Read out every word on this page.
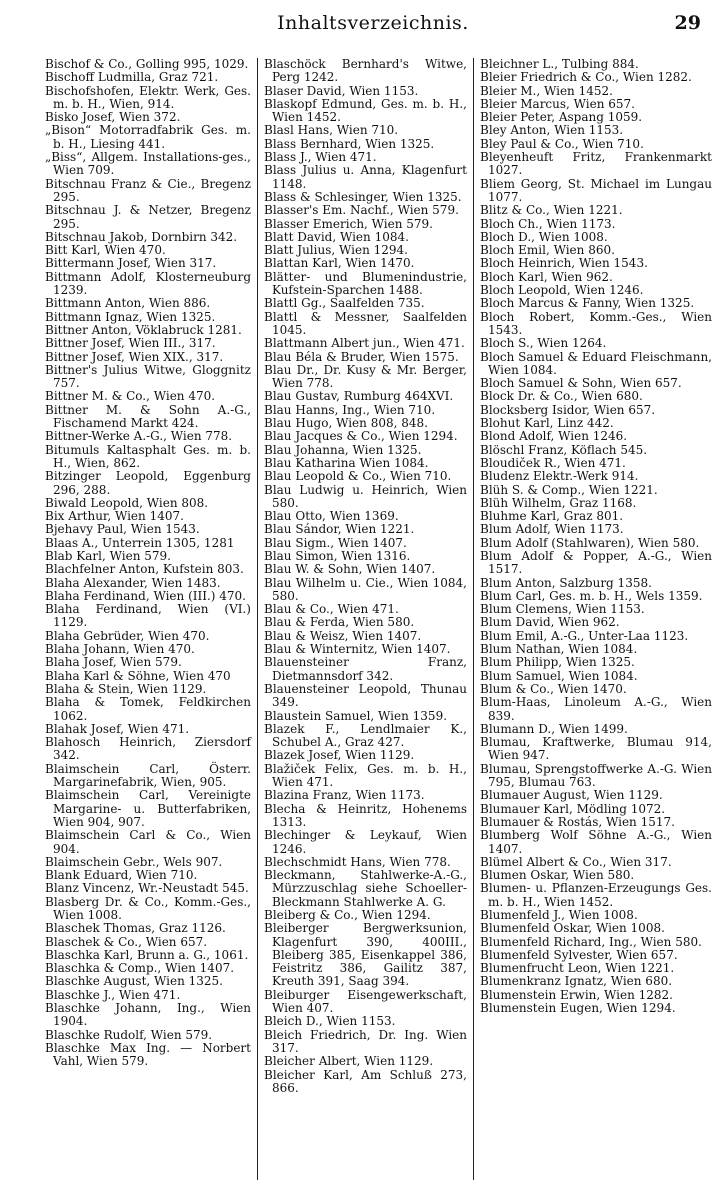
Inhaltsverzeichnis.	29

Bischof & Co., Golling 995, 1029.

Bischoff Ludmilla, Graz 721.

Bischofshofen, Elektr. Werk, Ges. m. b. H., Wien, 914.

Bisko Josef, Wien 372.

„Bison“ Motorradfabrik Ges. m. b. H., Liesing 441.

„Biss“, Allgem. Installations-ges., Wien 709.

Bitschnau Franz & Cie., Bregenz 295.

Bitschnau J. & Netzer, Bregenz 295.

Bitschnau Jakob, Dornbirn 342.

Bitt Karl, Wien 470.

Bittermann Josef, Wien 317.

Bittmann Adolf, Klosterneuburg 1239.

Bittmann Anton, Wien 886.

Bittmann Ignaz, Wien 1325.

Bittner Anton, Vöklabruck 1281.

Bittner Josef, Wien III., 317.

Bittner Josef, Wien XIX., 317.

Bittner's Julius Witwe, Gloggnitz 757.

Bittner M. & Co., Wien 470.

Bittner M. & Sohn A.-G., Fischamend Markt 424.

Bittner-Werke A.-G., Wien 778.

Bitumuls Kaltasphalt Ges. m. b. H., Wien, 862.

Bitzinger Leopold, Eggenburg 296, 288.

Biwald Leopold, Wien 808.

Bix Arthur, Wien 1407.

Bjehavy Paul, Wien 1543.

Blaas A., Unterrein 1305, 1281

Blab Karl, Wien 579.

Blachfelner Anton, Kufstein 803.

Blaha Alexander, Wien 1483.

Blaha Ferdinand, Wien (III.) 470.

Blaha Ferdinand, Wien (VI.) 1129.

Blaha Gebrüder, Wien 470.

Blaha Johann, Wien 470.

Blaha Josef, Wien 579.

Blaha Karl & Söhne, Wien 470

Blaha & Stein, Wien 1129.

Blaha & Tomek, Feldkirchen 1062.

Blahak Josef, Wien 471.

Blahosch Heinrich, Ziersdorf 342.

Blaimschein Carl, Österr. Margarinefabrik, Wien, 905.

Blaimschein Carl, Vereinigte Margarine- u. Butterfabriken, Wien 904, 907.

Blaimschein Carl & Co., Wien 904.

Blaimschein Gebr., Wels 907.

Blank Eduard, Wien 710.

Blanz Vincenz, Wr.-Neustadt 545.

Blasberg Dr. & Co., Komm.-Ges., Wien 1008.

Blaschek Thomas, Graz 1126.

Blaschek & Co., Wien 657.

Blaschka Karl, Brunn a. G., 1061.

Blaschka & Comp., Wien 1407.

Blaschke August, Wien 1325.

Blaschke J., Wien 471.

Blaschke Johann, Ing., Wien 1904.

Blaschke Rudolf, Wien 579.

Blaschke Max Ing. — Norbert Vahl, Wien 579.

Blaschöck Bernhard's Witwe, Perg 1242.

Blaser David, Wien 1153.

Blaskopf Edmund, Ges. m. b. H., Wien 1452.

Blasl Hans, Wien 710.

Blass Bernhard, Wien 1325.

Blass J., Wien 471.

Blass Julius u. Anna, Klagenfurt 1148.

Blass & Schlesinger, Wien 1325.

Blasser's Em. Nachf., Wien 579.

Blasser Emerich, Wien 579.

Blatt David, Wien 1084.

Blatt Julius, Wien 1294.

Blattan Karl, Wien 1470.

Blätter- und Blumenindustrie, Kufstein-Sparchen 1488.

Blattl Gg., Saalfelden 735.

Blattl & Messner, Saalfelden 1045.

Blattmann Albert jun., Wien 471.

Blau Béla & Bruder, Wien 1575.

Blau Dr., Dr. Kusy & Mr. Berger, Wien 778.

Blau Gustav, Rumburg 464XVI.

Blau Hanns, Ing., Wien 710.

Blau Hugo, Wien 808, 848.

Blau Jacques & Co., Wien 1294.

Blau Johanna, Wien 1325.

Blau Katharina Wien 1084.

Blau Leopold & Co., Wien 710.

Blau Ludwig u. Heinrich, Wien 580.

Blau Otto, Wien 1369.

Blau Sándor, Wien 1221.

Blau Sigm., Wien 1407.

Blau Simon, Wien 1316.

Blau W. & Sohn, Wien 1407.

Blau Wilhelm u. Cie., Wien 1084, 580.

Blau & Co., Wien 471.

Blau & Ferda, Wien 580.

Blau & Weisz, Wien 1407.

Blau & Winternitz, Wien 1407.

Blauensteiner Franz, Dietmannsdorf 342.

Blauensteiner Leopold, Thunau 349.

Blaustein Samuel, Wien 1359.

Blazek F., Lendlmaier K., Schubel A., Graz 427.

Blazek Josef, Wien 1129.

Blažiček Felix, Ges. m. b. H., Wien 471.

Blazina Franz, Wien 1173.

Blecha & Heinritz, Hohenems 1313.

Blechinger & Leykauf, Wien 1246.

Blechschmidt Hans, Wien 778.

Bleckmann, Stahlwerke-A.-G., Mürzzuschlag siehe Schoeller-Bleckmann Stahlwerke A. G.

Bleiberg & Co., Wien 1294.

Bleiberger Bergwerksunion, Klagenfurt 390, 400III., Bleiberg 385, Eisenkappel 386, Feistritz 386, Gailitz 387, Kreuth 391, Saag 394.

Bleiburger Eisengewerkschaft, Wien 407.

Bleich D., Wien 1153.

Bleich Friedrich, Dr. Ing. Wien 317.

Bleicher Albert, Wien 1129.

Bleicher Karl, Am Schluß 273, 866.

Bleichner L., Tulbing 884.

Bleier Friedrich & Co., Wien 1282.

Bleier M., Wien 1452.

Bleier Marcus, Wien 657.

Bleier Peter, Aspang 1059.

Bley Anton, Wien 1153.

Bley Paul & Co., Wien 710.

Bleyenheuft Fritz, Frankenmarkt 1027.

Bliem Georg, St. Michael im Lungau 1077.

Blitz & Co., Wien 1221.

Bloch Ch., Wien 1173.

Bloch D., Wien 1008.

Bloch Emil, Wien 860.

Bloch Heinrich, Wien 1543.

Bloch Karl, Wien 962.

Bloch Leopold, Wien 1246.

Bloch Marcus & Fanny, Wien 1325.

Bloch Robert, Komm.-Ges., Wien 1543.

Bloch S., Wien 1264.

Bloch Samuel & Eduard Fleischmann, Wien 1084.

Bloch Samuel & Sohn, Wien 657.

Block Dr. & Co., Wien 680.

Blocksberg Isidor, Wien 657.

Blohut Karl, Linz 442.

Blond Adolf, Wien 1246.

Blöschl Franz, Köflach 545.

Bloudiček R., Wien 471.

Bludenz Elektr.-Werk 914.

Blüh S. & Comp., Wien 1221.

Blüh Wilhelm, Graz 1168.

Bluhme Karl, Graz 801.

Blum Adolf, Wien 1173.

Blum Adolf (Stahlwaren), Wien 580.

Blum Adolf & Popper, A.-G., Wien 1517.

Blum Anton, Salzburg 1358.

Blum Carl, Ges. m. b. H., Wels 1359.

Blum Clemens, Wien 1153.

Blum David, Wien 962.

Blum Emil, A.-G., Unter-Laa 1123.

Blum Nathan, Wien 1084.

Blum Philipp, Wien 1325.

Blum Samuel, Wien 1084.

Blum & Co., Wien 1470.

Blum-Haas, Linoleum A.-G., Wien 839.

Blumann D., Wien 1499.

Blumau, Kraftwerke, Blumau 914, Wien 947.

Blumau, Sprengstoffwerke A.-G. Wien 795, Blumau 763.

Blumauer August, Wien 1129.

Blumauer Karl, Mödling 1072.

Blumauer & Rostás, Wien 1517.

Blumberg Wolf Söhne A.-G., Wien 1407.

Blümel Albert & Co., Wien 317.

Blumen Oskar, Wien 580.

Blumen- u. Pflanzen-Erzeugungs Ges. m. b. H., Wien 1452.

Blumenfeld J., Wien 1008.

Blumenfeld Oskar, Wien 1008.

Blumenfeld Richard, Ing., Wien 580.

Blumenfeld Sylvester, Wien 657.

Blumenfrucht Leon, Wien 1221.

Blumenkranz Ignatz, Wien 680.

Blumenstein Erwin, Wien 1282.

Blumenstein Eugen, Wien 1294.
